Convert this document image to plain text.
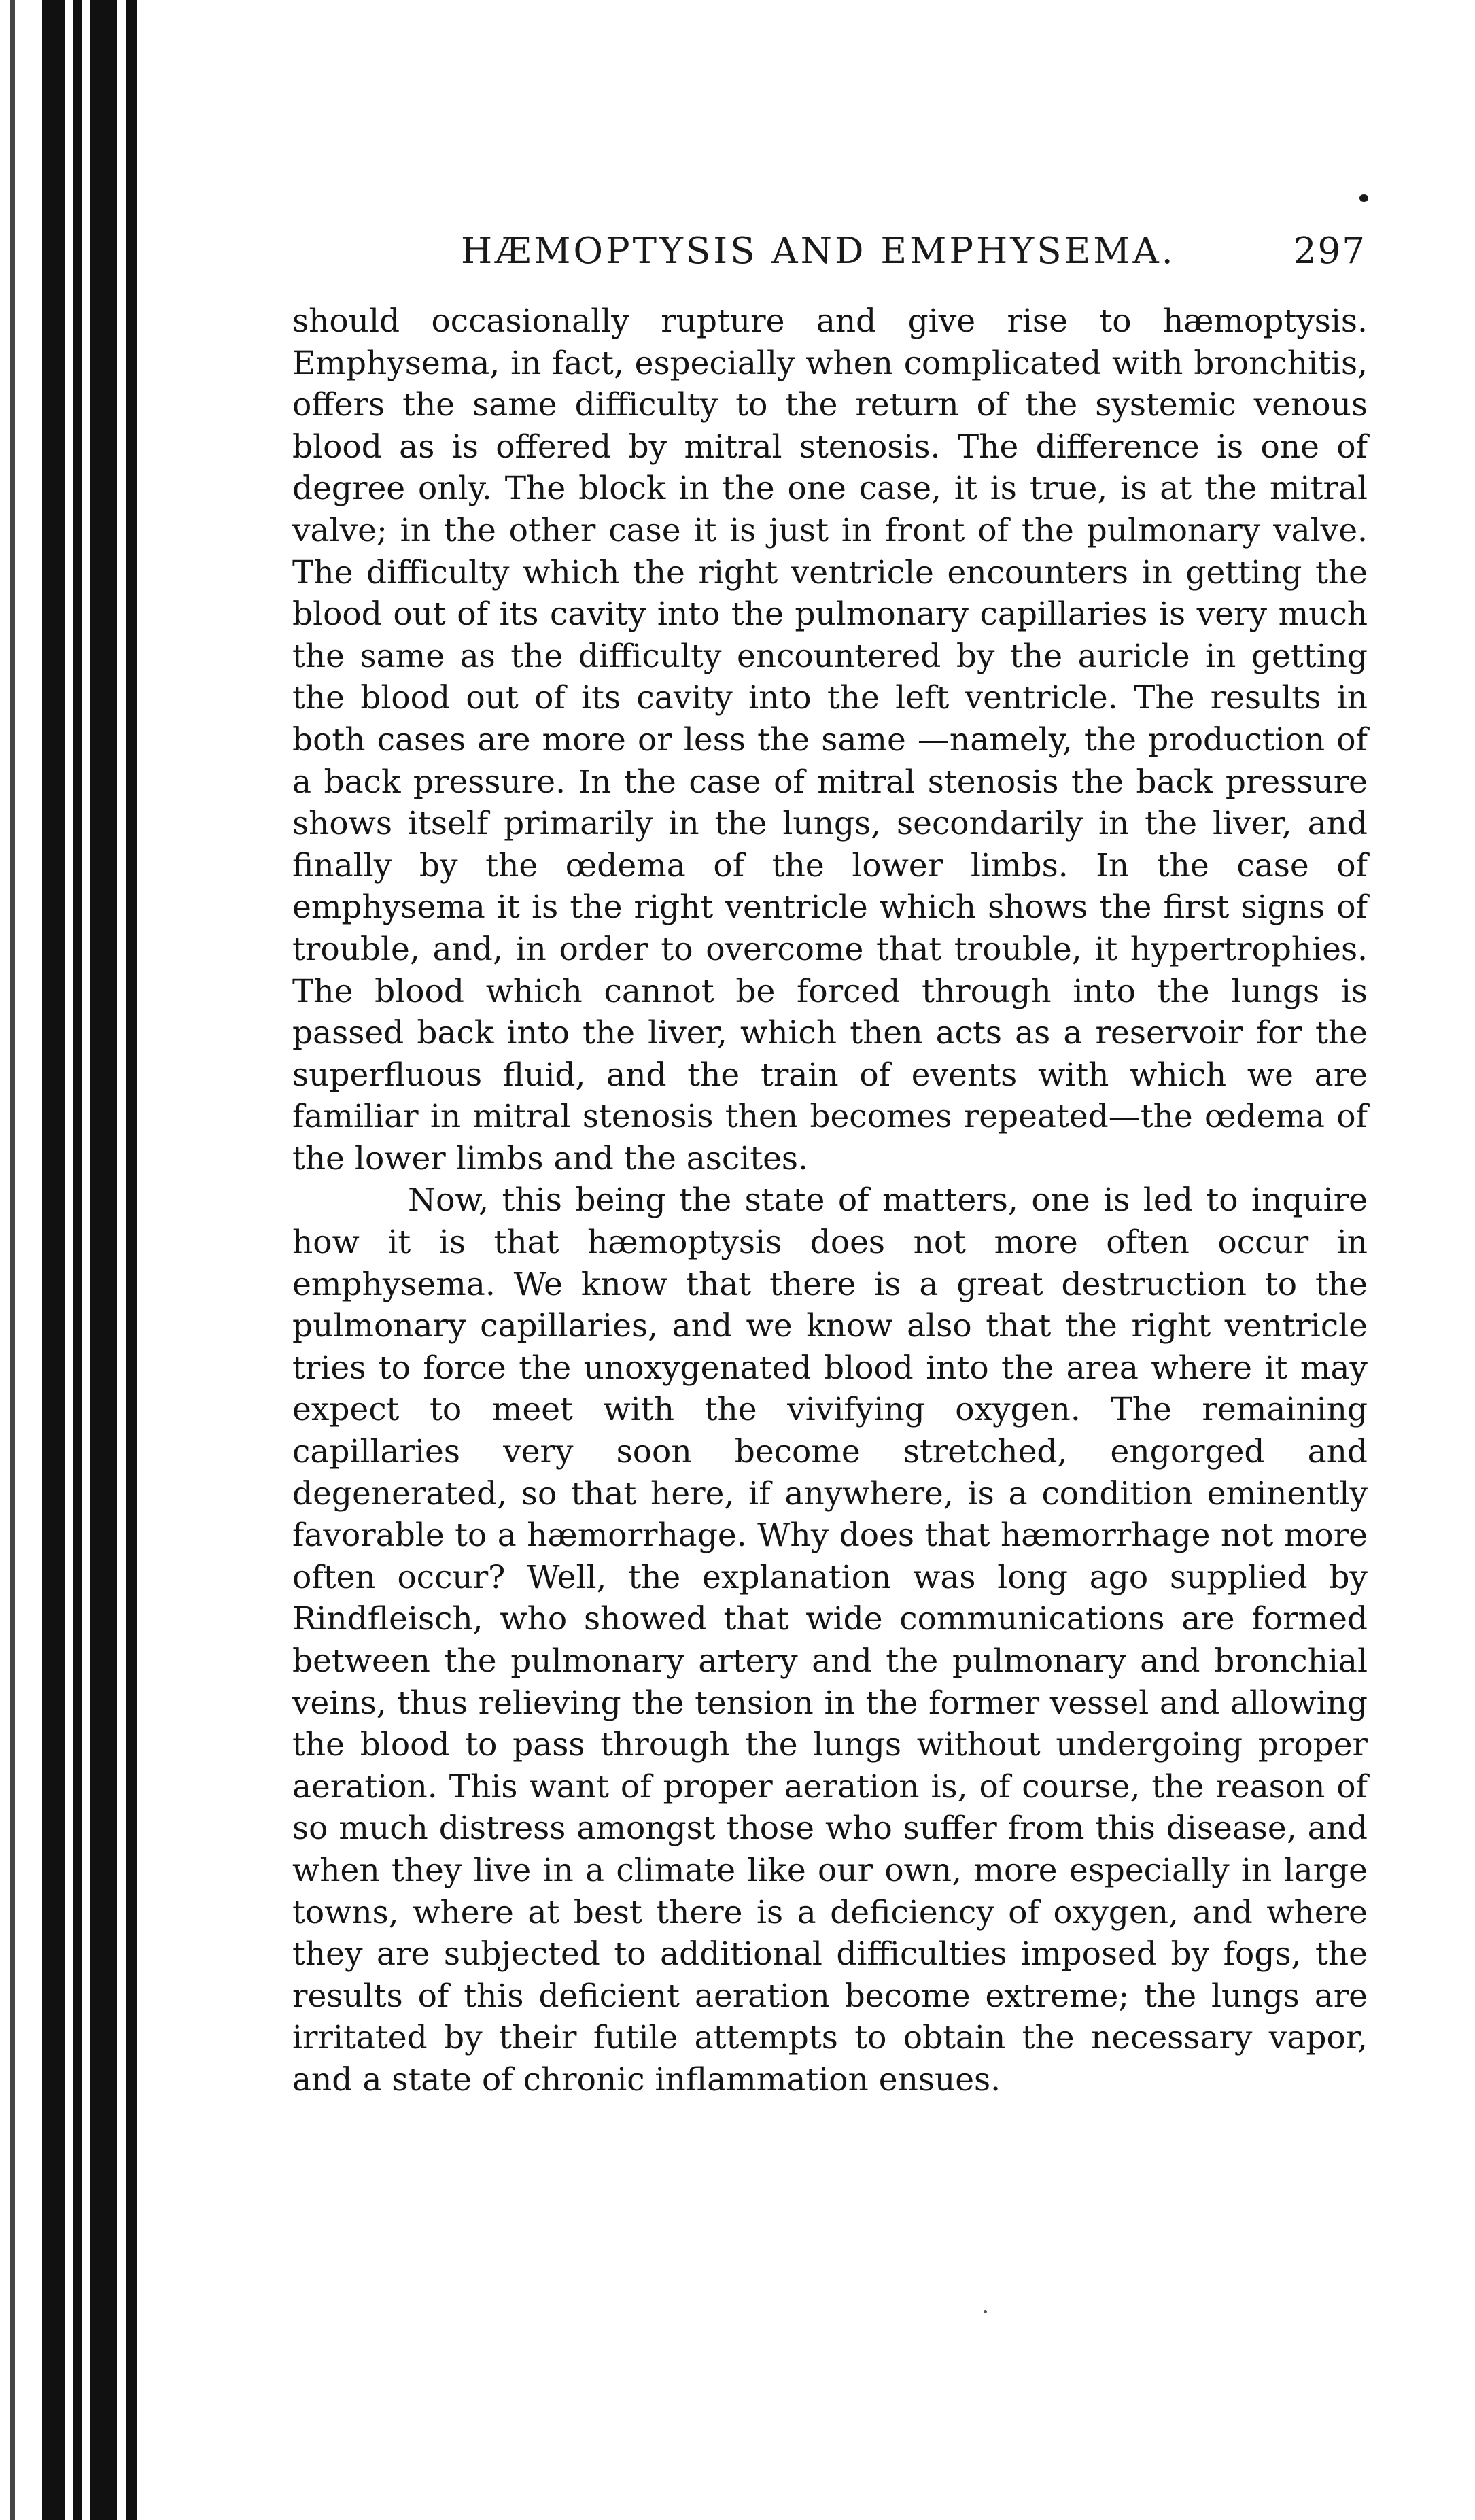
HÆMOPTYSIS AND EMPHYSEMA.	297

should occasionally rupture and give rise to hæmoptysis. Emphysema, in fact, especially when complicated with bronchitis, offers the same difficulty to the return of the systemic venous blood as is offered by mitral stenosis. The difference is one of degree only. The block in the one case, it is true, is at the mitral valve; in the other case it is just in front of the pulmonary valve. The difficulty which the right ventricle encounters in getting the blood out of its cavity into the pulmonary capillaries is very much the same as the difficulty encountered by the auricle in getting the blood out of its cavity into the left ventricle. The results in both cases are more or less the same —namely, the production of a back pressure. In the case of mitral stenosis the back pressure shows itself primarily in the lungs, secondarily in the liver, and finally by the œdema of the lower limbs. In the case of emphysema it is the right ventricle which shows the first signs of trouble, and, in order to overcome that trouble, it hypertrophies. The blood which cannot be forced through into the lungs is passed back into the liver, which then acts as a reservoir for the superfluous fluid, and the train of events with which we are familiar in mitral stenosis then becomes repeated—the œdema of the lower limbs and the ascites.

Now, this being the state of matters, one is led to inquire how it is that hæmoptysis does not more often occur in emphysema. We know that there is a great destruction to the pulmonary capillaries, and we know also that the right ventricle tries to force the unoxygenated blood into the area where it may expect to meet with the vivifying oxygen. The remaining capillaries very soon become stretched, engorged and degenerated, so that here, if anywhere, is a condition eminently favorable to a hæmorrhage. Why does that hæmorrhage not more often occur? Well, the explanation was long ago supplied by Rindfleisch, who showed that wide communications are formed between the pulmonary artery and the pulmonary and bronchial veins, thus relieving the tension in the former vessel and allowing the blood to pass through the lungs without undergoing proper aeration. This want of proper aeration is, of course, the reason of so much distress amongst those who suffer from this disease, and when they live in a climate like our own, more especially in large towns, where at best there is a deficiency of oxygen, and where they are subjected to additional difficulties imposed by fogs, the results of this deficient aeration become extreme; the lungs are irritated by their futile attempts to obtain the necessary vapor, and a state of chronic inflammation ensues.
